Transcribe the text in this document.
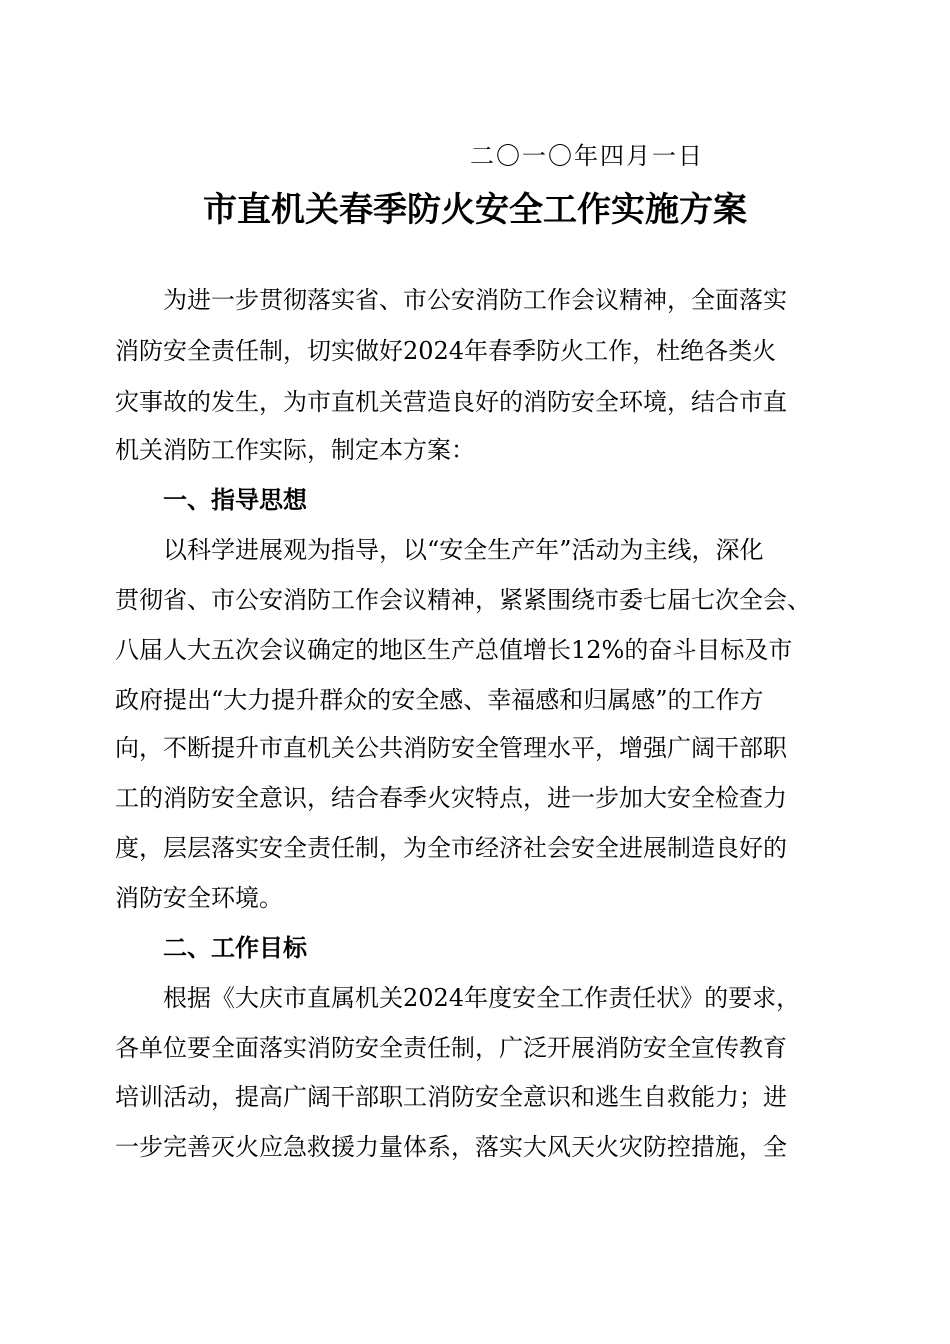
二〇一〇年四月一日
市直机关春季防火安全工作实施方案
为进一步贯彻落实省、市公安消防工作会议精神，全面落实
消防安全责任制，切实做好2024年春季防火工作，杜绝各类火
灾事故的发生，为市直机关营造良好的消防安全环境，结合市直
机关消防工作实际，制定本方案：
一、指导思想
以科学进展观为指导，以“安全生产年”活动为主线，深化
贯彻省、市公安消防工作会议精神，紧紧围绕市委七届七次全会、
八届人大五次会议确定的地区生产总值增长12%的奋斗目标及市
政府提出“大力提升群众的安全感、幸福感和归属感”的工作方
向，不断提升市直机关公共消防安全管理水平，增强广阔干部职
工的消防安全意识，结合春季火灾特点，进一步加大安全检查力
度，层层落实安全责任制，为全市经济社会安全进展制造良好的
消防安全环境。
二、工作目标
根据《大庆市直属机关2024年度安全工作责任状》的要求，
各单位要全面落实消防安全责任制，广泛开展消防安全宣传教育
培训活动，提高广阔干部职工消防安全意识和逃生自救能力；进
一步完善灭火应急救援力量体系，落实大风天火灾防控措施，全
